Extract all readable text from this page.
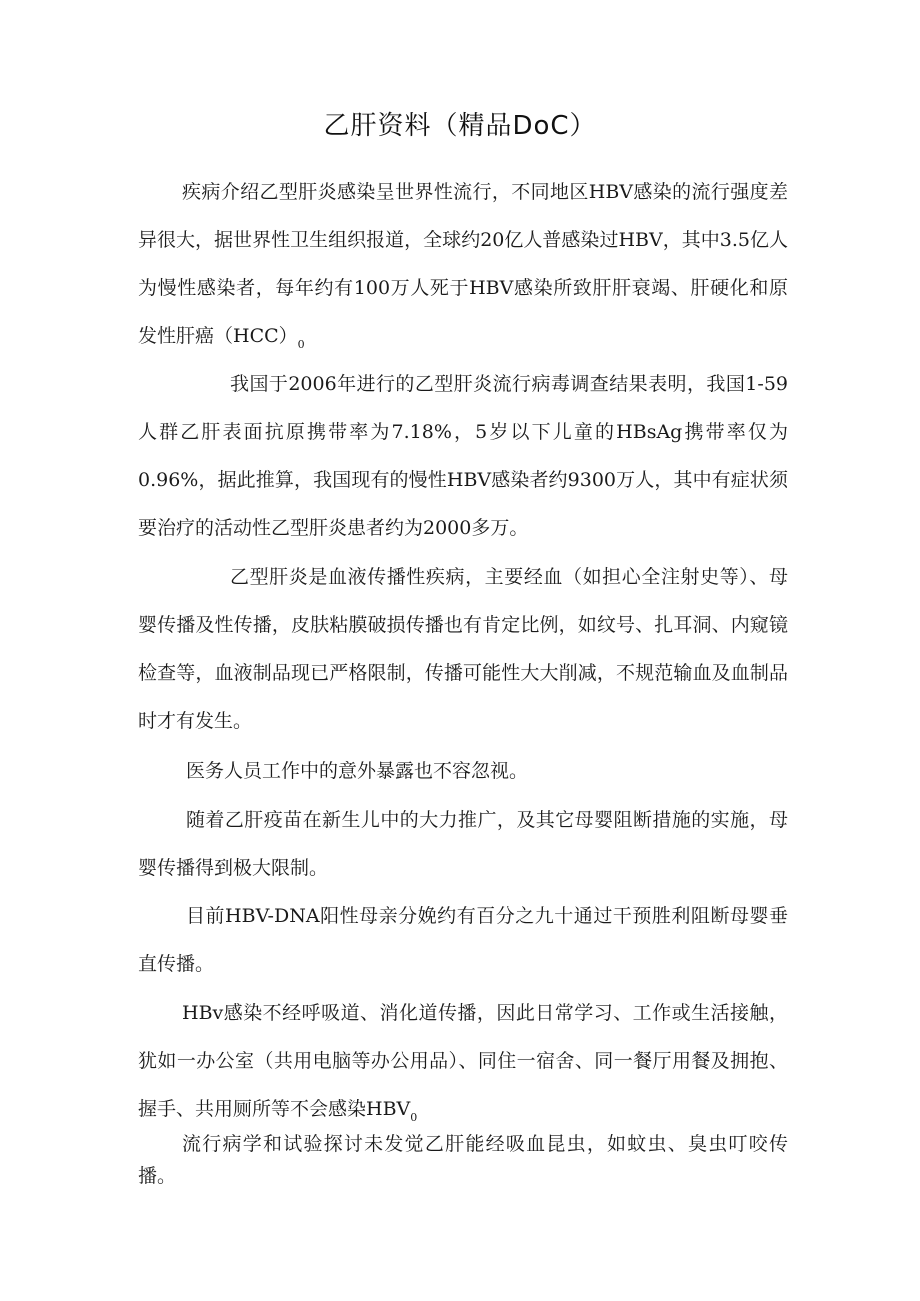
乙肝资料（精品DoC）

疾病介绍乙型肝炎感染呈世界性流行，不同地区HBV感染的流行强度差异很大，据世界性卫生组织报道，全球约20亿人普感染过HBV，其中3.5亿人为慢性感染者，每年约有100万人死于HBV感染所致肝肝衰竭、肝硬化和原发性肝癌$(HCC)_0$

我国于2006年进行的乙型肝炎流行病毒调查结果表明，我国1-59人群乙肝表面抗原携带率为7.18%，5岁以下儿童的HBsAg携带率仅为0.96%，据此推算，我国现有的慢性HBV感染者约9300万人，其中有症状须要治疗的活动性乙型肝炎患者约为2000多万。

乙型肝炎是血液传播性疾病，主要经血（如担心全注射史等）、母婴传播及性传播，皮肤粘膜破损传播也有肯定比例，如纹号、扎耳洞、内窥镜检查等，血液制品现已严格限制，传播可能性大大削减，不规范输血及血制品时才有发生。

医务人员工作中的意外暴露也不容忽视。

随着乙肝疫苗在新生儿中的大力推广，及其它母婴阻断措施的实施，母婴传播得到极大限制。

目前HBV-DNA阳性母亲分娩约有百分之九十通过干预胜利阻断母婴垂直传播。

HBv感染不经呼吸道、消化道传播，因此日常学习、工作或生活接触，犹如一办公室（共用电脑等办公用品）、同住一宿舍、同一餐厅用餐及拥抱、握手、共用厕所等不会感染$HBV_0$

流行病学和试验探讨未发觉乙肝能经吸血昆虫，如蚊虫、臭虫叮咬传播。
